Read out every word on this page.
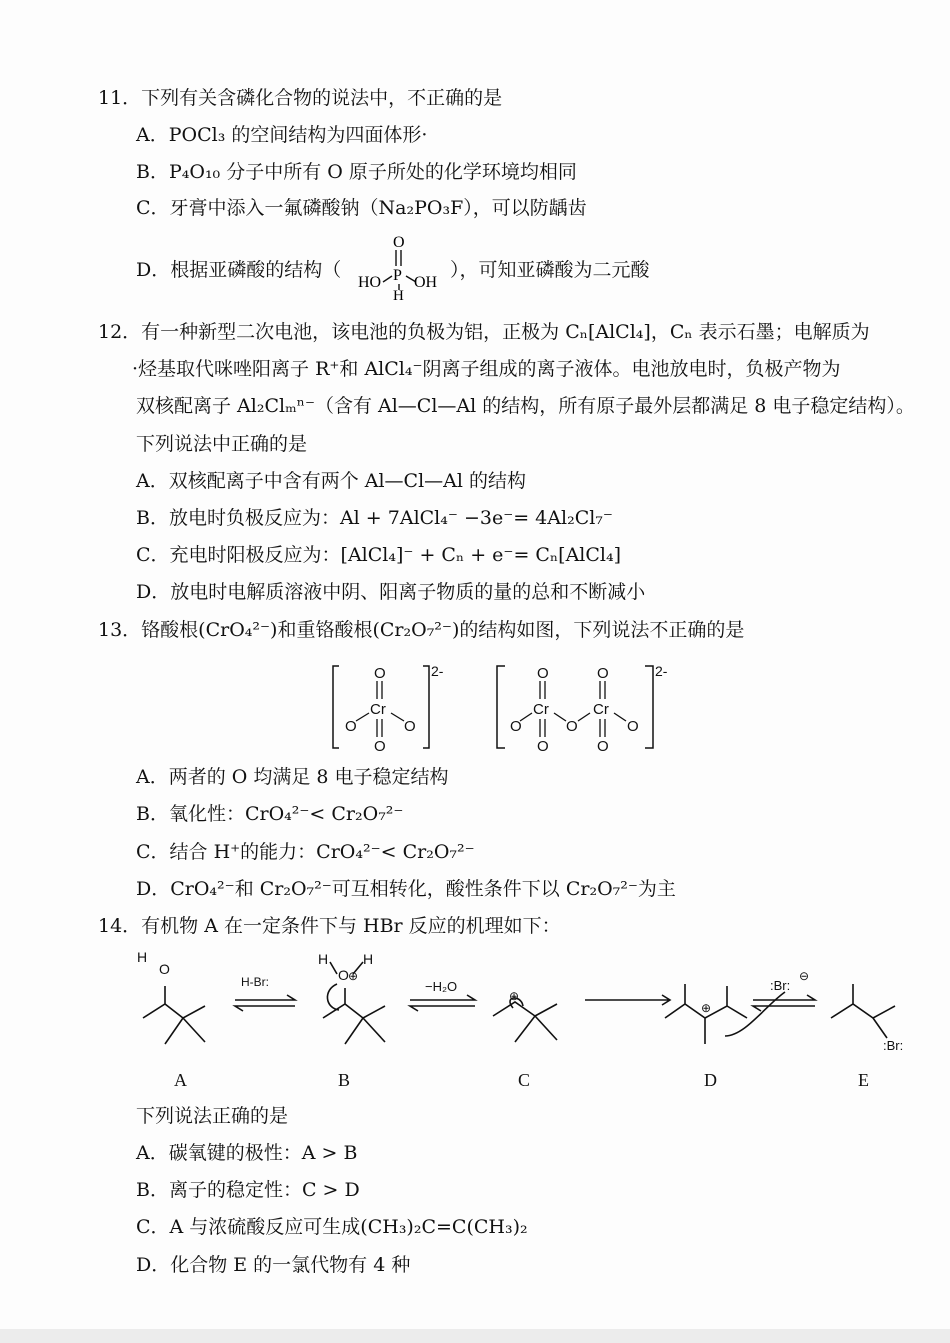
11．下列有关含磷化合物的说法中，不正确的是
A．POCl₃ 的空间结构为四面体形·
B．P₄O₁₀ 分子中所有 O 原子所处的化学环境均相同
C．牙膏中添入一氟磷酸钠（Na₂PO₃F），可以防龋齿
D．根据亚磷酸的结构（
O
P
HO OH
H
），可知亚磷酸为二元酸
12．有一种新型二次电池，该电池的负极为铝，正极为 Cₙ[AlCl₄]，Cₙ 表示石墨；电解质为
·烃基取代咪唑阳离子 R⁺和 AlCl₄⁻阴离子组成的离子液体。电池放电时，负极产物为
双核配离子 Al₂Clₘⁿ⁻（含有 Al—Cl—Al 的结构，所有原子最外层都满足 8 电子稳定结构）。
下列说法中正确的是
A．双核配离子中含有两个 Al—Cl—Al 的结构
B．放电时负极反应为：Al + 7AlCl₄⁻ −3e⁻= 4Al₂Cl₇⁻
C．充电时阳极反应为：[AlCl₄]⁻ + Cₙ + e⁻= Cₙ[AlCl₄]
D．放电时电解质溶液中阴、阳离子物质的量的总和不断减小
13．铬酸根(CrO₄²⁻)和重铬酸根(Cr₂O₇²⁻)的结构如图，下列说法不正确的是
2-
O
Cr
O	O
O
2-
O
O
Cr
O
O
O
Cr
O
O
A．两者的 O 均满足 8 电子稳定结构
B．氧化性：CrO₄²⁻< Cr₂O₇²⁻
C．结合 H⁺的能力：CrO₄²⁻< Cr₂O₇²⁻
D．CrO₄²⁻和 Cr₂O₇²⁻可互相转化，酸性条件下以 Cr₂O₇²⁻为主
14．有机物 A 在一定条件下与 HBr 反应的机理如下：
H
O
H-Br:
H H
O ⊕
−H₂O
⊕
⊕
:Br:
⊖
:Br:
A	B	C	D	E
下列说法正确的是
A．碳氧键的极性：A > B
B．离子的稳定性：C > D
C．A 与浓硫酸反应可生成(CH₃)₂C=C(CH₃)₂
D．化合物 E 的一氯代物有 4 种
